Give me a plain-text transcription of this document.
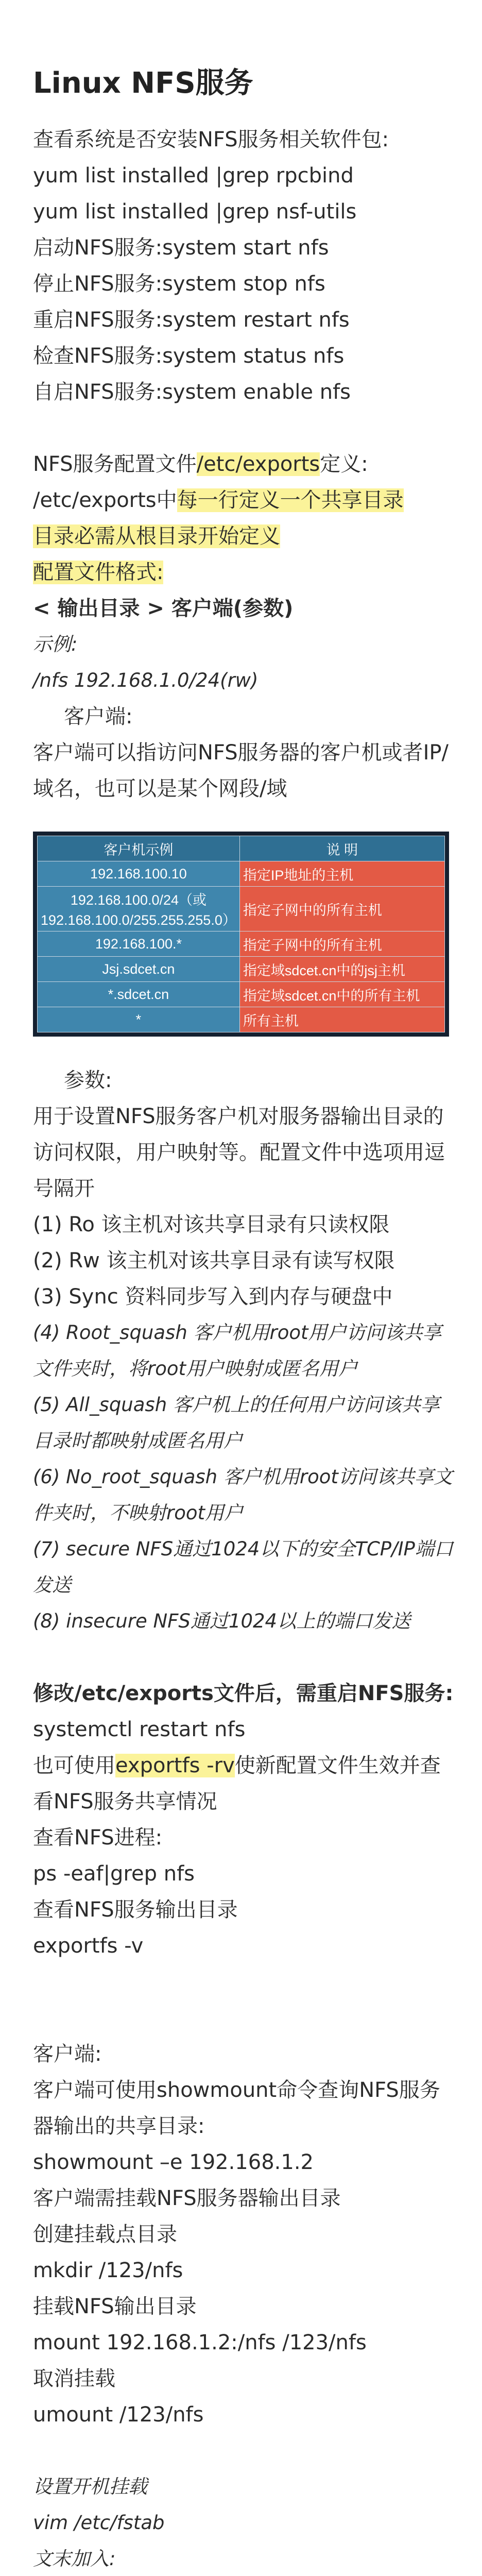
Linux NFS服务
查看系统是否安装NFS服务相关软件包:
yum list installed |grep rpcbind
yum list installed |grep nsf-utils
启动NFS服务:system start nfs
停止NFS服务:system stop nfs
重启NFS服务:system restart nfs
检查NFS服务:system status nfs
自启NFS服务:system enable nfs
NFS服务配置文件/etc/exports定义:
/etc/exports中每一行定义一个共享目录
目录必需从根目录开始定义
配置文件格式:
< 输出目录 > 客户端(参数)
示例:
/nfs 192.168.1.0/24(rw)
客户端:
客户端可以指访问NFS服务器的客户机或者IP/域名，也可以是某个网段/域
客户机示例	说 明
192.168.100.10	指定IP地址的主机
192.168.100.0/24（或192.168.100.0/255.255.255.0）	指定子网中的所有主机
192.168.100.*	指定子网中的所有主机
Jsj.sdcet.cn	指定域sdcet.cn中的jsj主机
*.sdcet.cn	指定域sdcet.cn中的所有主机
*	所有主机
参数:
用于设置NFS服务客户机对服务器输出目录的访问权限，用户映射等。配置文件中选项用逗号隔开
(1) Ro 该主机对该共享目录有只读权限
(2) Rw 该主机对该共享目录有读写权限
(3) Sync 资料同步写入到内存与硬盘中
(4) Root_squash 客户机用root用户访问该共享文件夹时，将root用户映射成匿名用户
(5) All_squash 客户机上的任何用户访问该共享目录时都映射成匿名用户
(6) No_root_squash 客户机用root访问该共享文件夹时，不映射root用户
(7) secure NFS通过1024以下的安全TCP/IP端口发送
(8) insecure NFS通过1024以上的端口发送
修改/etc/exports文件后，需重启NFS服务:
systemctl restart nfs
也可使用exportfs -rv使新配置文件生效并查看NFS服务共享情况
查看NFS进程:
ps -eaf|grep nfs
查看NFS服务输出目录
exportfs -v
客户端:
客户端可使用showmount命令查询NFS服务器输出的共享目录:
showmount –e 192.168.1.2
客户端需挂载NFS服务器输出目录
创建挂载点目录
mkdir /123/nfs
挂载NFS输出目录
mount 192.168.1.2:/nfs /123/nfs
取消挂载
umount /123/nfs
设置开机挂载
vim /etc/fstab
文末加入:
